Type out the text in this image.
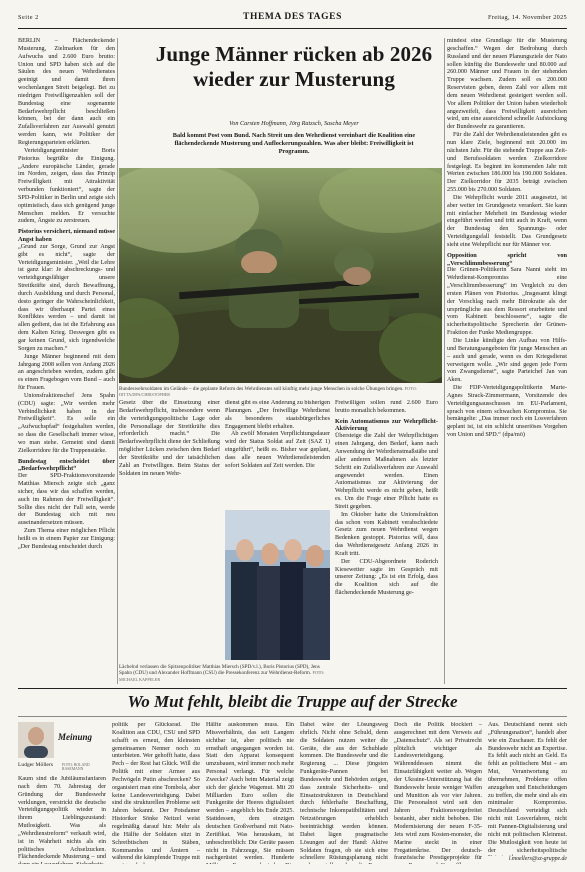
Seite 2	THEMA DES TAGES	Freitag, 14. November 2025

BERLIN – Flächendeckende Musterung, Zielmarken für den Aufwuchs und 2.600 Euro brutto: Union und SPD haben sich auf die Säulen des neuen Wehrdienstes geeinigt und damit ihren wochenlangen Streit beigelegt. Bei zu niedrigen Freiwilligenzahlen soll der Bundestag eine sogenannte Bedarfswehrpflicht beschließen können, bei der dann auch ein Zufallsverfahren zur Auswahl genutzt werden kann, wie Politiker der Regierungsparteien erklärten.

Verteidigungsminister Boris Pistorius begrüßte die Einigung. „Andere europäische Länder, gerade im Norden, zeigen, dass das Prinzip Freiwilligkeit mit Attraktivität verbunden funktioniert“, sagte der SPD-Politiker in Berlin und zeigte sich optimistisch, dass sich genügend junge Menschen melden. Er versuchte zudem, Ängste zu zerstreuen.

Pistorius versichert, niemand müsse Angst haben

„Grund zur Sorge, Grund zur Angst gibt es nicht“, sagte der Verteidigungsminister. „Weil die Lehre ist ganz klar: Je abschreckungs- und verteidigungsfähiger unsere Streitkräfte sind, durch Bewaffnung, durch Ausbildung und durch Personal, desto geringer die Wahrscheinlichkeit, dass wir überhaupt Partei eines Konfliktes werden – und damit ist allen gedient, das ist die Erfahrung aus dem Kalten Krieg. Deswegen gibt es gar keinen Grund, sich irgendwelche Sorgen zu machen.“

Junge Männer beginnend mit dem Jahrgang 2008 sollen von Anfang 2026 an angeschrieben werden, zudem gibt es einen Fragebogen vom Bund – auch für Frauen.

Unionsfraktionschef Jens Spahn (CDU) sagte: „Wir werden mehr Verbindlichkeit haben in der Freiwilligkeit“. Es solle ein „Aufwuchspfad“ festgehalten werden, so dass die Gesellschaft immer wisse, wo man stehe. Gemeint sind damit Zielkorridore für die Truppenstärke.

Bundestag entscheidet über „Bedarfswehrpflicht“

Der SPD-Fraktionsvorsitzende Matthias Miersch zeigte sich „ganz sicher, dass wir das schaffen werden, auch im Rahmen der Freiwilligkeit“. Sollte dies nicht der Fall sein, werde der Bundestag sich mit neu auseinandersetzen müssen.

Zum Thema einer möglichen Pflicht heißt es in einem Papier zur Einigung: „Der Bundestag entscheidet durch

Junge Männer rücken ab 2026 wieder zur Musterung
Von Carsten Hoffmann, Jörg Ratzsch, Sascha Meyer
Bald kommt Post vom Bund. Nach Streit um den Wehrdienst vereinbart die Koalition eine flächendeckende Musterung und Auflockerungszahlen. Was aber bleibt: Freiwilligkeit ist Programm.
Bundeswehrsoldaten im Gelände – die geplante Reform des Wehrdienstes soll künftig mehr junge Menschen in solche Übungen bringen. FOTO: DITTA/DPA/CHRISTOPHER

Gesetz über die Einsetzung einer Bedarfswehrpflicht, insbesondere wenn die verteidigungspolitische Lage oder die Personallage der Streitkräfte dies erforderlich macht.“ Die Bedarfswehrpflicht diene der Schließung möglicher Lücken zwischen dem Bedarf der Streitkräfte und der tatsächlichen Zahl an Freiwilligen. Beim Status der Soldaten im neuen Wehr-

dienst gibt es eine Änderung zu bisherigen Planungen. „Der freiwillige Wehrdienst als besonderes staatsbürgerliches Engagement bleibt erhalten.

Ab zwölf Monaten Verpflichtungsdauer wird der Status Soldat auf Zeit (SAZ 1) eingeführt“, heißt es. Bisher war geplant, dass alle neuen Wehrdienstleistenden sofort Soldaten auf Zeit werden. Die

Lächelnd verlassen die Spitzenpolitiker Matthias Miersch (SPD/v.l.), Boris Pistorius (SPD), Jens Spahn (CDU) und Alexander Hoffmann (CSU) die Pressekonferenz zur Wehrdienst-Reform. FOTO: MICHAEL KAPPELER

Freiwilligen sollen rund 2.600 Euro brutto monatlich bekommen.

Kein Automatismus zur Wehrpflicht-Aktivierung

Übersteige die Zahl der Wehrpflichtigen einen Jahrgang, den Bedarf, kann nach Anwendung der Wehrdienstmaßstäbe und aller anderen Maßnahmen als letzter Schritt ein Zufallsverfahren zur Auswahl angewendet werden. Einen Automatismus zur Aktivierung der Wehrpflicht werde es nicht geben, heißt es. Um die Frage einer Pflicht hatte es Streit gegeben.

Im Oktober hatte die Unionsfraktion das schon vom Kabinett verabschiedete Gesetz zum neuen Wehrdienst wegen Bedenken gestoppt. Pistorius will, dass das Wehrdienstgesetz Anfang 2026 in Kraft tritt.

Der CDU-Abgeordnete Roderich Kiesewetter sagte im Gespräch mit unserer Zeitung: „Es ist ein Erfolg, dass die Koalition sich auf die flächendeckende Musterung ge-

mindest eine Grundlage für die Musterung geschaffen.“ Wegen der Bedrohung durch Russland und der neuen Planungsziele der Nato sollen künftig die Bundeswehr und 80.000 auf 260.000 Männer und Frauen in der stehenden Truppe wachsen. Zudem soll es 200.000 Reservisten geben, deren Zahl vor allem mit dem neuen Wehrdienst gesteigert werden soll. Vor allem Politiker der Union haben wiederholt angezweifelt, dass Freiwilligkeit ausreichen wird, um eine ausreichend schnelle Aufstockung der Bundeswehr zu garantieren.

Für die Zahl der Wehrdienstleistenden gibt es nun klare Ziele, beginnend mit 20.000 im nächsten Jahr. Für die stehende Truppe aus Zeit- und Berufssoldaten werden Zielkorridore festgelegt. Es beginnt im kommenden Jahr mit Werten zwischen 186.000 bis 190.000 Soldaten. Der Zielkorridor für 2035 beträgt zwischen 255.000 bis 270.000 Soldaten.

Die Wehrpflicht wurde 2011 ausgesetzt, ist aber weiter im Grundgesetz verankert. Sie kann mit einfacher Mehrheit im Bundestag wieder eingeführt werden und tritt auch in Kraft, wenn der Bundestag den Spannungs- oder Verteidigungsfall feststellt. Das Grundgesetz sieht eine Wehrpflicht nur für Männer vor.

Opposition spricht von „Verschlimmbesserung“

Die Grünen-Politikerin Sara Nanni sieht im Wehrdienst-Kompromiss eine „Verschlimmbesserung“ im Vergleich zu den ersten Plänen von Pistorius. „Insgesamt klingt der Vorschlag nach mehr Bürokratie als der ursprüngliche aus dem Ressort erarbeitete und vom Kabinett beschlossene“, sagte die sicherheitspolitische Sprecherin der Grünen-Fraktion der Funke Mediengruppe.

Die Linke kündigte den Aufbau von Hilfs- und Beratungsangeboten für junge Menschen an – auch und gerade, wenn es den Kriegsdienst verweigern wolle. „Wir sind gegen jede Form von Zwangsdienst“, sagte Parteichef Jan van Aken.

Die FDP-Verteidigungspolitikerin Marie-Agnes Strack-Zimmermann, Vorsitzende des Verteidigungsausschusses im EU-Parlament, sprach von einem schwachen Kompromiss. Sie bemängelte: „Das immer noch ein Losverfahren geplant ist, ist ein schlicht unseriöses Vorgehen von Union und SPD.“ (dpa/mö)

Wo Mut fehlt, bleibt die Truppe auf der Strecke
Meinung
Ludger Möllers FOTO: ROLAND RASEMANN

Kaum sind die Jubiläumsfanfaren nach dem 70. Jahrestag der Gründung der Bundeswehr verklungen, verstrickt die deutsche Verteidigungspolitik wieder in ihrem Lieblingszustand: Mutlosigkeit. Was als „Wehrdienstreform“ verkauft wird, ist in Wahrheit nichts als ein politisches Achselzucken. Flächendeckende Musterung – und

politik per Glücksrad. Die Koalition aus CDU, CSU und SPD schafft es erneut, den kleinsten gemeinsamen Nenner noch zu unterbieten. Wer gehofft hatte, dass Pech – der Rest hat Glück. Will die Politik mit einer Armee aus Pechvögeln Putin abschrecken? So organisiert man eine Tombola, aber keine Landesverteidigung. Dabei sind die strukturellen Probleme seit Jahren bekannt. Der Potsdamer Historiker Sönke Neitzel weist regelmäßig darauf hin: Mehr als die Hälfte der Soldaten sitzt in Schreibtischen in Stäben, Kommandos und Ämtern – während die kämpfende Truppe mit

Hälfte auskommen muss. Ein Missverhältnis, das seit Langem sichtbar ist, aber politisch nie ernsthaft angegangen worden ist. Statt den Apparat konsequent umzubauen, wird immer noch mehr Personal verlangt. Für welche Zwecke? Auch beim Material zeigt sich der gleiche Wagemut. Mit 20 Milliarden Euro sollen die Funkgeräte der Heeres digitalisiert werden – angeblich bis Ende 2025. Stattdessen, dem einzigen deutschen Großverband mit Nato-Zertifikat. Was herauskam, ist unbeschreiblich: Die Geräte passen nicht in Fahrzeuge, Sie müssen nachgerüstet werden. Hunderte

Dabei wäre der Lösungsweg ehrlich. Nicht ohne Schuld, denn die Soldaten nutzen weiter die Geräte, die aus der Schublade kommen. Die Bundeswehr und die Regierung ... Diese jüngsten Funkgeräte-Pannen bei Bundeswehr und Behörden zeigen, dass zentrale Sicherheits- und Einsatzstrukturen in Deutschland durch fehlerhafte Beschaffung, technische Inkompatibilitäten und Netzstörungen erheblich beeinträchtigt werden können. Dabei lägen pragmatische Lösungen auf der Hand: Aktive Soldaten fragen, ob sie sich eine schnellere Rüstungsplanung nicht

Doch die Politik blockiert – ausgerechnet mit dem Verweis auf „Datenschutz“. Als sei Privatrecht plötzlich wichtiger als Landesverteidigung. Währenddessen nimmt die Einsatzfähigkeit weiter ab. Wegen der Ukraine-Unterstützung hat die Bundeswehr heute weniger Waffen und Munition als vor vier Jahren. Die Personalnot wird seit den Jahren Fraktionsvorgefreitet bestanht, aber nicht behoben. Die Modernisierung der neuen F-35-Jets wird zum Kosten-monster, die Marine steckt in einer Fregattenkrise. Der deutsch-französische Prestigeprojekte für

Aus. Deutschland nennt sich „Führungsnation“, handelt aber wie ein Zuschauer. Es fehlt der Bundeswehr nicht an Expertise. Es fehlt auch nicht an Geld. Es fehlt an politischem Mut – am Mut, Verantwortung zu übernehmen, Probleme offen anzugehen und Entscheidungen zu treffen, die mehr sind als ein minimaler Kompromiss. Deutschland verteidigt sich nicht mit Losverfahren, nicht mit Pannen-Digitalisierung und nicht mit politischen Kleinmut. Die Mutlosigkeit von heute ist der sicherheitspolitische

l.moellers@sz-gruppe.de
